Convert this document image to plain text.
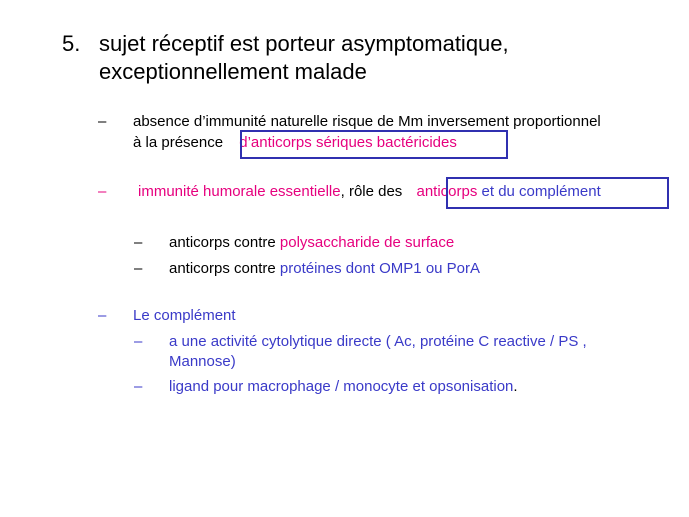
5. sujet réceptif est porteur asymptomatique,
exceptionnellement malade
– absence d’immunité naturelle risque de Mm inversement proportionnel
à la présence d’anticorps sériques bactéricides
– immunité humorale essentielle, rôle des anticorps et du complément
– anticorps contre polysaccharide de surface
– anticorps contre protéines dont OMP1 ou PorA
– Le complément
– a une activité cytolytique directe ( Ac, protéine C reactive / PS ,
Mannose)
– ligand pour macrophage / monocyte et opsonisation.
